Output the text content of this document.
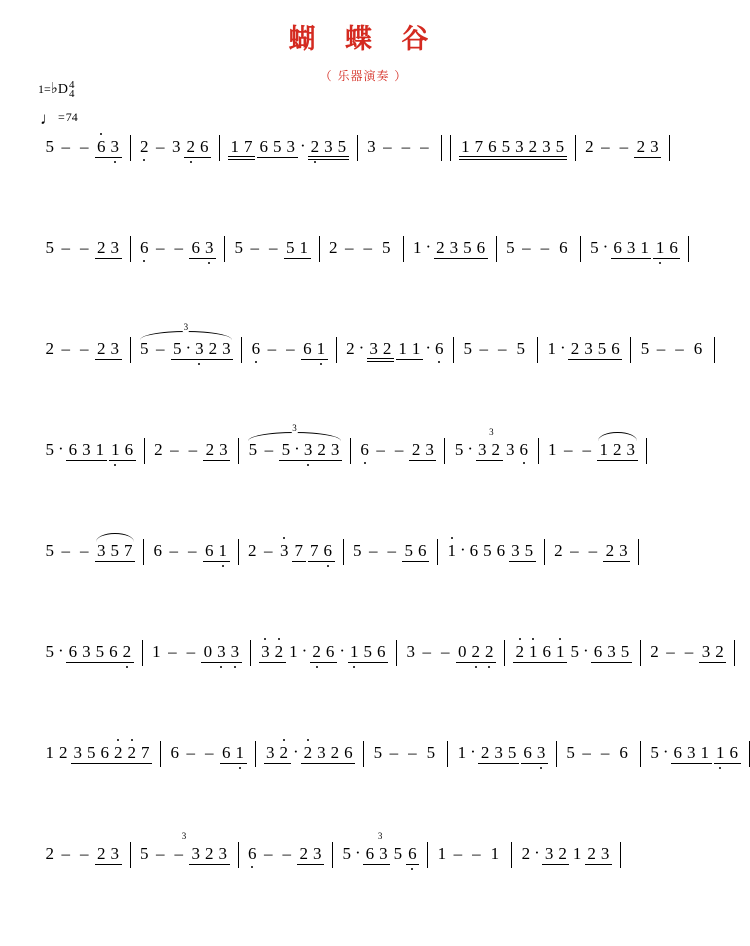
蝴 蝶 谷
（ 乐器演奏 ）
1= ♭ D 4
4
♩ = 74
5 – – 6 3 2 – 3 2 6 1 7 6 5 3 · 2 3 5 3 – – – 1 7 6 5 3 2 3 5 2 – – 2 3
5 – – 2 3 6 – – 6 3 5 – – 5 1 2 – – 5 1 · 2 3 5 6 5 – – 6 5 · 6 3 1 1 6
2 – – 2 3
3
5 – 5 · 3 2 3 6 – – 6 1 2 · 3 2 1 1 · 6 5 – – 5 1 · 2 3 5 6 5 – – 6
5 · 6 3 1 1 6 2 – – 2 3
3
5 – 5 · 3 2 3 6 – – 2 3
3
5 · 3 2 3 6 1 – – 1 2 3
5 – – 3 5 7 6 – – 6 1 2 – 3 7 7 6 5 – – 5 6 1 · 6 5 6 3 5 2 – – 2 3
5 · 6 3 5 6 2 1 – – 0 3 3 3 2 1 · 2 6 · 1 5 6 3 – – 0 2 2 2 1 6 1 5 · 6 3 5 2 – – 3 2
1 2 3 5 6 2 2 7 6 – – 6 1 3 2 · 2 3 2 6 5 – – 5 1 · 2 3 5 6 3 5 – – 6 5 · 6 3 1 1 6
2 – – 2 3
3
5 – – 3 2 3 6 – – 2 3
3
5 · 6 3 5 6 1 – – 1 2 · 3 2 1 2 3
